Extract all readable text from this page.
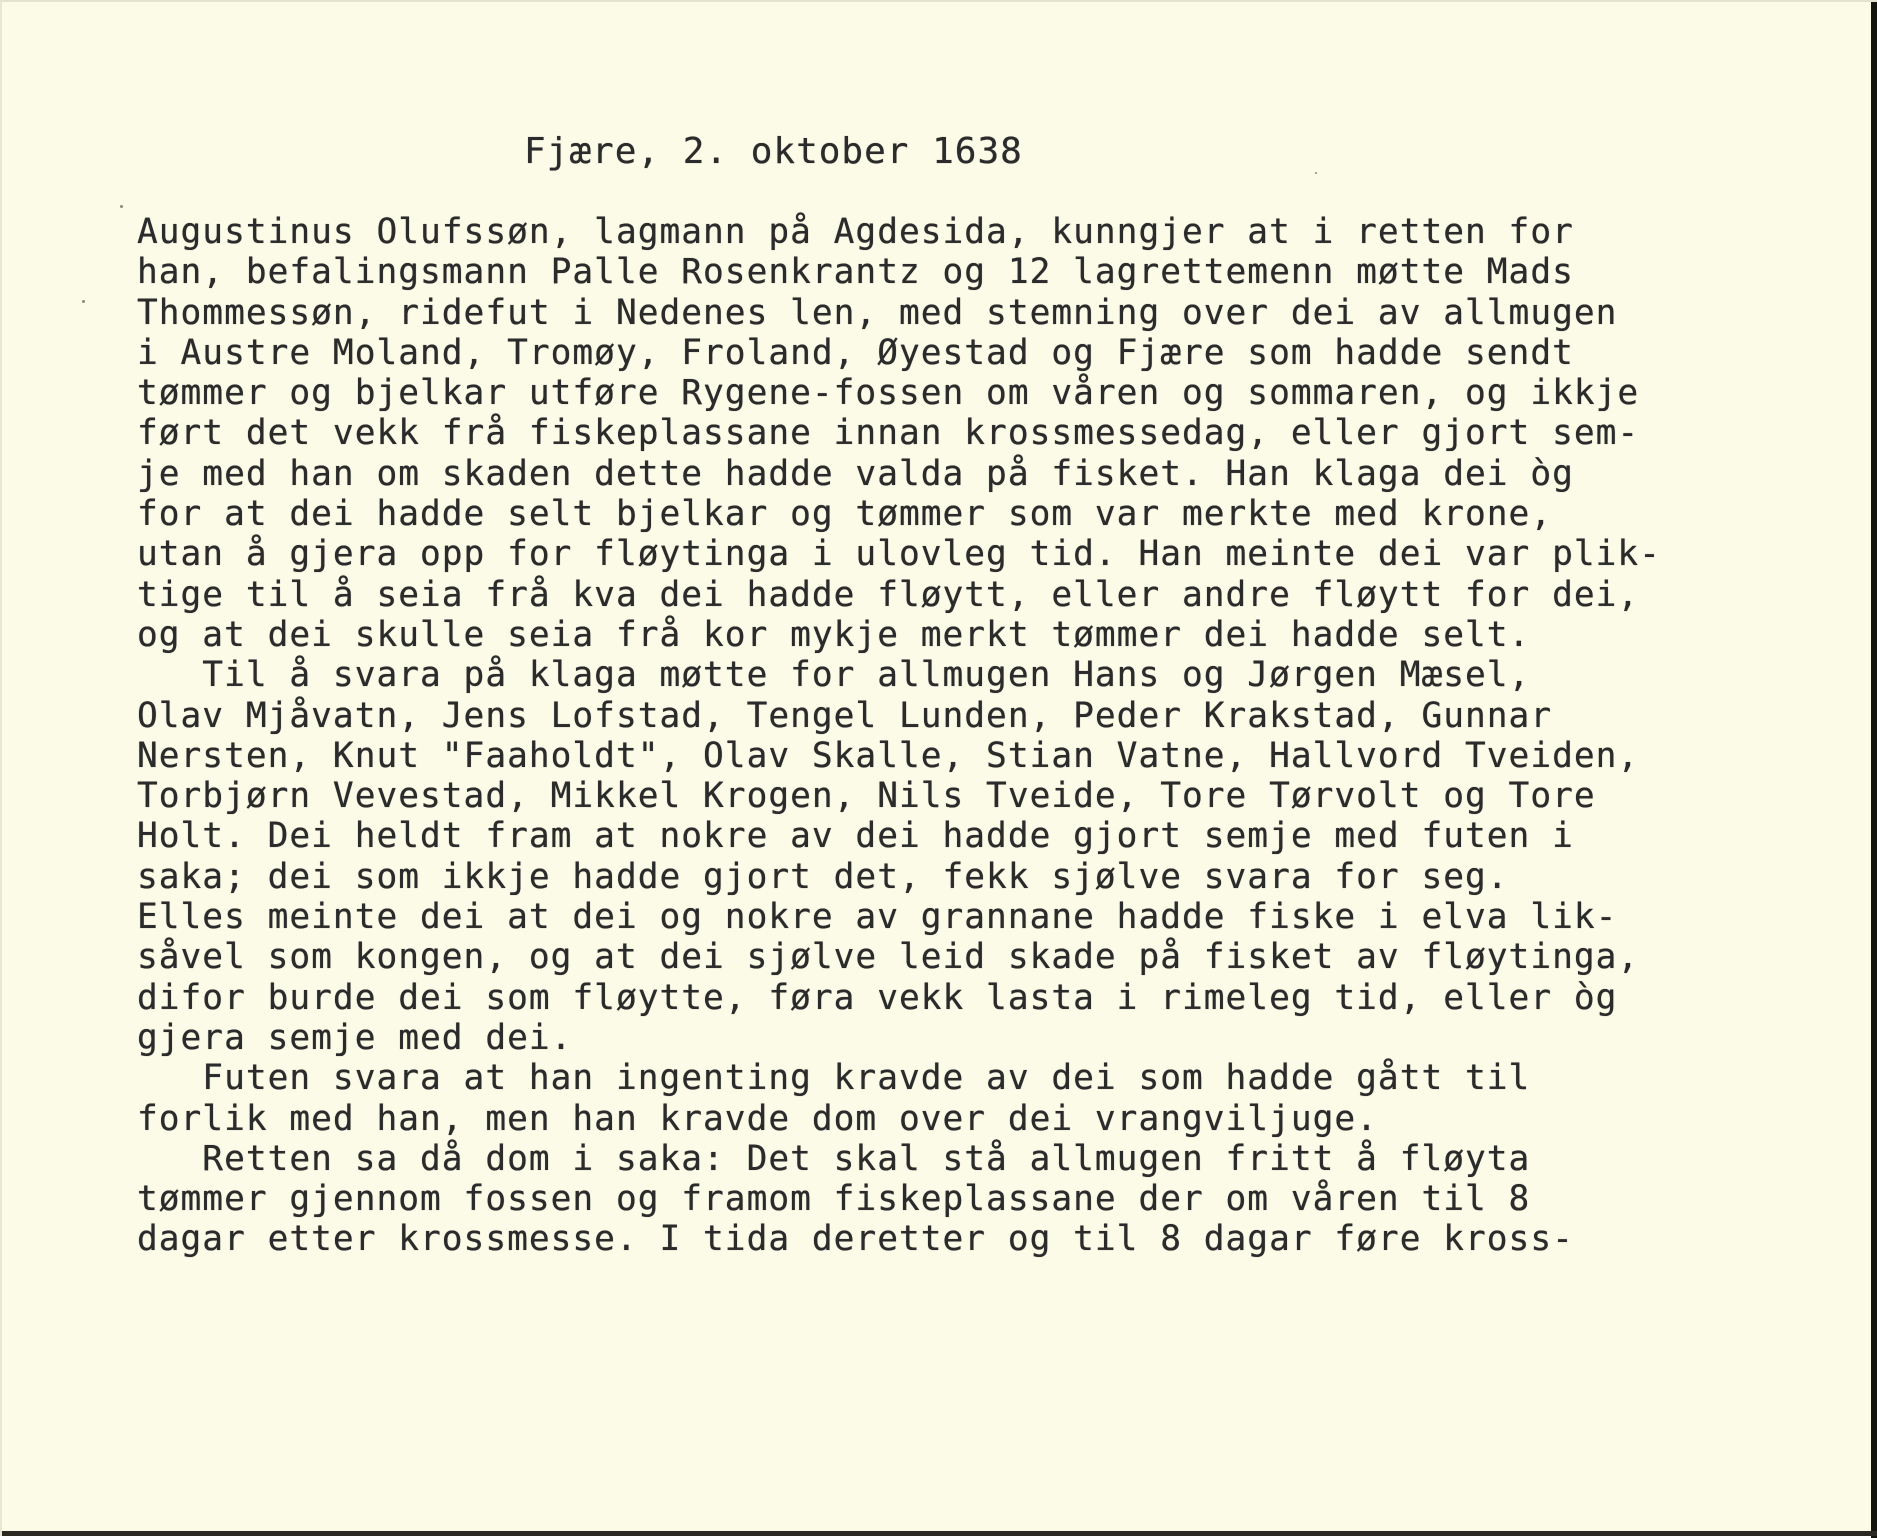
Fjære, 2. oktober 1638
Augustinus Olufssøn, lagmann på Agdesida, kunngjer at i retten for
han, befalingsmann Palle Rosenkrantz og 12 lagrettemenn møtte Mads
Thommessøn, ridefut i Nedenes len, med stemning over dei av allmugen
i Austre Moland, Tromøy, Froland, Øyestad og Fjære som hadde sendt
tømmer og bjelkar utføre Rygene-fossen om våren og sommaren, og ikkje
ført det vekk frå fiskeplassane innan krossmessedag, eller gjort sem-
je med han om skaden dette hadde valda på fisket. Han klaga dei òg
for at dei hadde selt bjelkar og tømmer som var merkte med krone,
utan å gjera opp for fløytinga i ulovleg tid. Han meinte dei var plik-
tige til å seia frå kva dei hadde fløytt, eller andre fløytt for dei,
og at dei skulle seia frå kor mykje merkt tømmer dei hadde selt.
Til å svara på klaga møtte for allmugen Hans og Jørgen Mæsel,
Olav Mjåvatn, Jens Lofstad, Tengel Lunden, Peder Krakstad, Gunnar
Nersten, Knut "Faaholdt", Olav Skalle, Stian Vatne, Hallvord Tveiden,
Torbjørn Vevestad, Mikkel Krogen, Nils Tveide, Tore Tørvolt og Tore
Holt. Dei heldt fram at nokre av dei hadde gjort semje med futen i
saka; dei som ikkje hadde gjort det, fekk sjølve svara for seg.
Elles meinte dei at dei og nokre av grannane hadde fiske i elva lik-
såvel som kongen, og at dei sjølve leid skade på fisket av fløytinga,
difor burde dei som fløytte, føra vekk lasta i rimeleg tid, eller òg
gjera semje med dei.
Futen svara at han ingenting kravde av dei som hadde gått til
forlik med han, men han kravde dom over dei vrangviljuge.
Retten sa då dom i saka: Det skal stå allmugen fritt å fløyta
tømmer gjennom fossen og framom fiskeplassane der om våren til 8
dagar etter krossmesse. I tida deretter og til 8 dagar føre kross-
